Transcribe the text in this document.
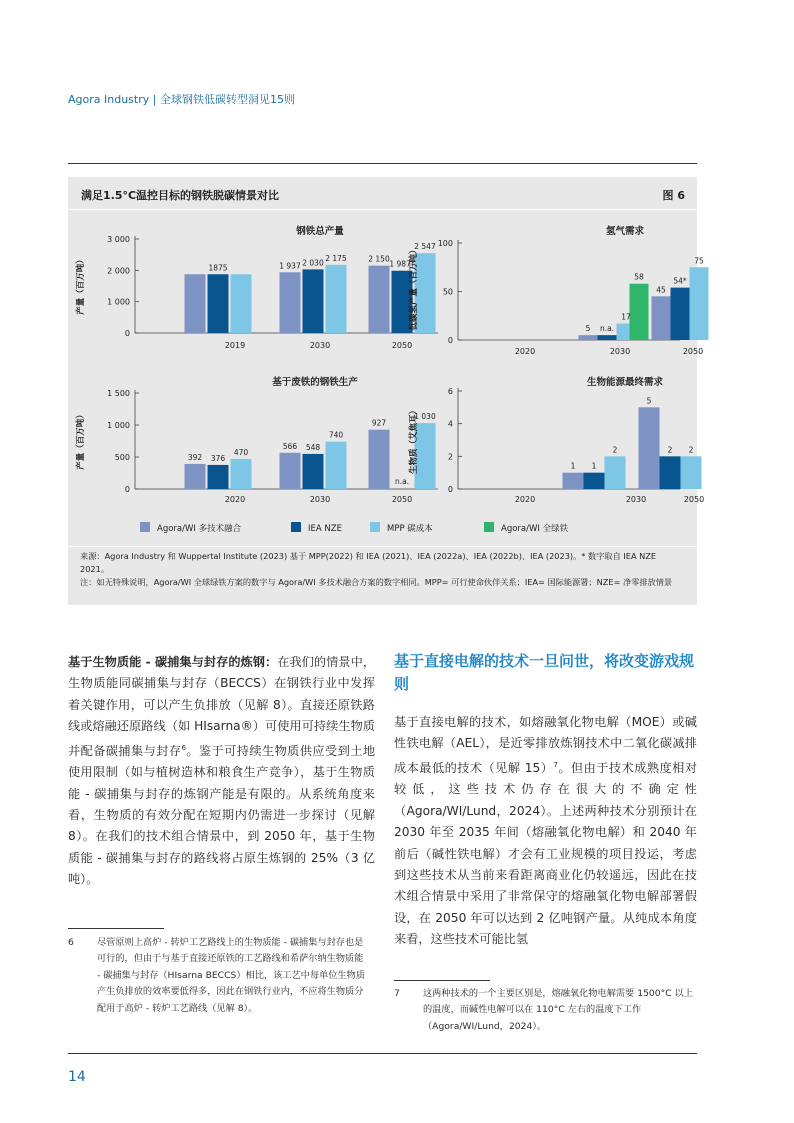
Agora Industry | 全球钢铁低碳转型洞见15则
满足1.5°C温控目标的钢铁脱碳情景对比	图 6
钢铁总产量
产量（百万吨）
0
1 000
2 000
3 000
2019	2030	2050
1875	1 937 2 030
2 175	2 150
1 987*
2 547
氢气需求
低碳氢产量（百万吨）
0
50
100
2020	2030	2050
5 n.a.
17
58
45
54*
75
基于废铁的钢铁生产
产量（百万吨）
0
500
1 000
1 500
2020	2030	2050
392 376
470
566 548
740
927
n.a.
1 030
生物能源最终需求
生物质（艾焦耳）
0
2
4
6
2020	2030	2050
1 1
2
5
2 2
Agora/WI 多技术融合	IEA NZE	MPP 碳成本	Agora/WI 全绿铁

来源：Agora Industry 和 Wuppertal Institute (2023) 基于 MPP(2022) 和 IEA (2021)、IEA (2022a)、IEA (2022b)、IEA (2023)。* 数字取自 IEA NZE 2021。

注：如无特殊说明，Agora/WI 全球绿铁方案的数字与 Agora/WI 多技术融合方案的数字相同。MPP= 可行使命伙伴关系；IEA= 国际能源署；NZE= 净零排放情景

基于生物质能 - 碳捕集与封存的炼钢：在我们的情景中，生物质能同碳捕集与封存（BECCS）在钢铁行业中发挥着关键作用，可以产生负排放（见解 8）。直接还原铁路线或熔融还原路线（如 HIsarna®）可使用可持续生物质并配备碳捕集与封存$^6$。鉴于可持续生物质供应受到土地使用限制（如与植树造林和粮食生产竞争），基于生物质能 - 碳捕集与封存的炼钢产能是有限的。从系统角度来看，生物质的有效分配在短期内仍需进一步探讨（见解 8）。在我们的技术组合情景中，到 2050 年，基于生物质能 - 碳捕集与封存的路线将占原生炼钢的 25%（3 亿吨）。
基于直接电解的技术一旦问世，将改变游戏规则
基于直接电解的技术，如熔融氧化物电解（MOE）或碱性铁电解（AEL），是近零排放炼钢技术中二氧化碳减排成本最低的技术（见解 15）$^7$。但由于技术成熟度相对较低，这些技术仍存在很大的不确定性（Agora/WI/Lund，2024）。上述两种技术分别预计在 2030 年至 2035 年间（熔融氧化物电解）和 2040 年前后（碱性铁电解）才会有工业规模的项目投运，考虑到这些技术从当前来看距离商业化仍较遥远，因此在技术组合情景中采用了非常保守的熔融氧化物电解部署假设，在 2050 年可以达到 2 亿吨钢产量。从纯成本角度来看，这些技术可能比氢
6	尽管原则上高炉 - 转炉工艺路线上的生物质能 - 碳捕集与封存也是可行的，但由于与基于直接还原铁的工艺路线和希萨尔纳生物质能 - 碳捕集与封存（HIsarna BECCS）相比，该工艺中每单位生物质产生负排放的效率要低得多，因此在钢铁行业内，不应将生物质分配用于高炉 - 转炉工艺路线（见解 8）。
7	这两种技术的一个主要区别是，熔融氧化物电解需要 1500°C 以上的温度，而碱性电解可以在 110°C 左右的温度下工作（Agora/WI/Lund，2024）。
14
